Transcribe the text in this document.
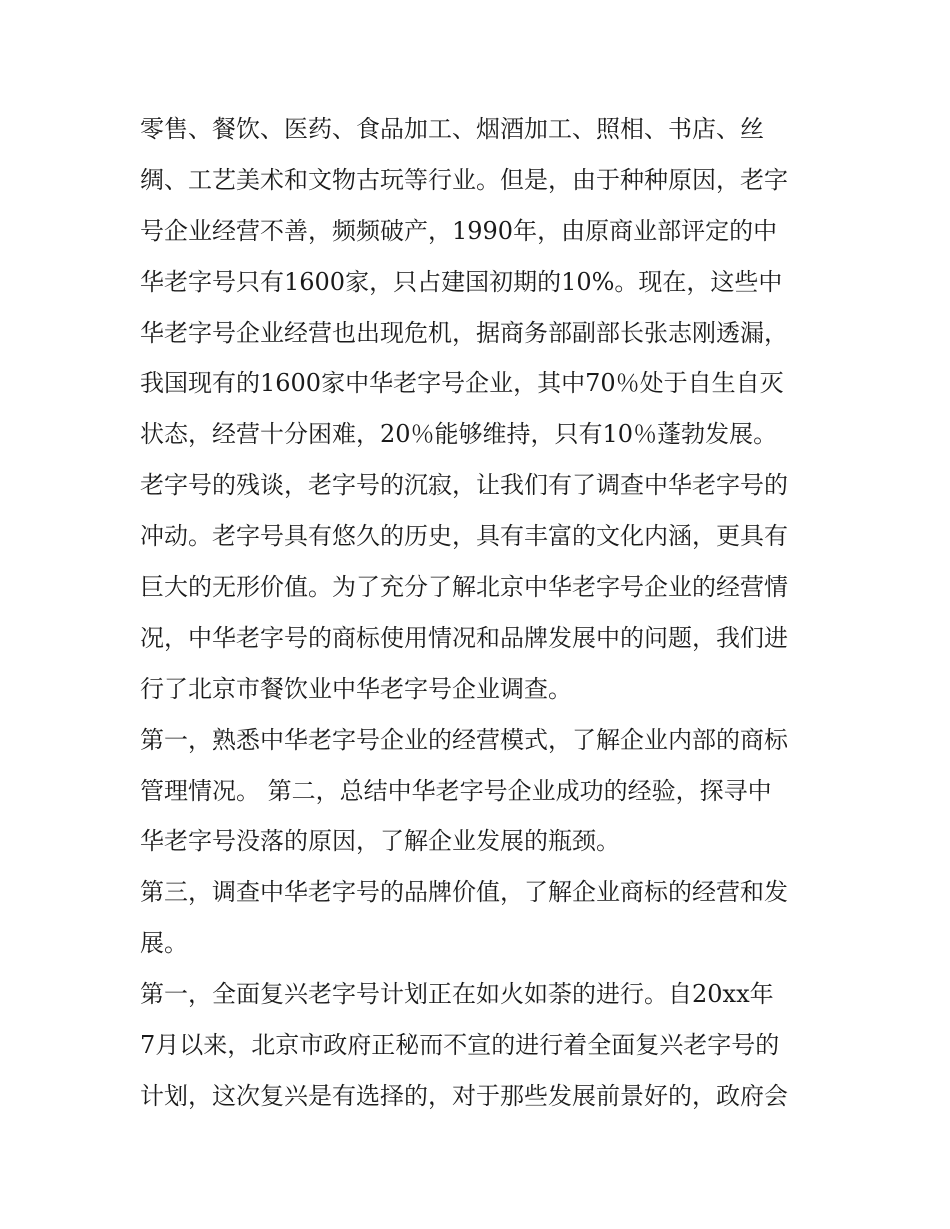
零售、餐饮、医药、食品加工、烟酒加工、照相、书店、丝
绸、工艺美术和文物古玩等行业。但是，由于种种原因，老字
号企业经营不善，频频破产，1990年，由原商业部评定的中
华老字号只有1600家，只占建国初期的10%。现在，这些中
华老字号企业经营也出现危机，据商务部副部长张志刚透漏，
我国现有的1600家中华老字号企业，其中70％处于自生自灭
状态，经营十分困难，20％能够维持，只有10％蓬勃发展。
老字号的残谈，老字号的沉寂，让我们有了调查中华老字号的
冲动。老字号具有悠久的历史，具有丰富的文化内涵，更具有
巨大的无形价值。为了充分了解北京中华老字号企业的经营情
况，中华老字号的商标使用情况和品牌发展中的问题，我们进
行了北京市餐饮业中华老字号企业调查。
第一，熟悉中华老字号企业的经营模式，了解企业内部的商标
管理情况。 第二，总结中华老字号企业成功的经验，探寻中
华老字号没落的原因，了解企业发展的瓶颈。
第三，调查中华老字号的品牌价值，了解企业商标的经营和发
展。
第一，全面复兴老字号计划正在如火如荼的进行。自20xx年
7月以来，北京市政府正秘而不宣的进行着全面复兴老字号的
计划，这次复兴是有选择的，对于那些发展前景好的，政府会
